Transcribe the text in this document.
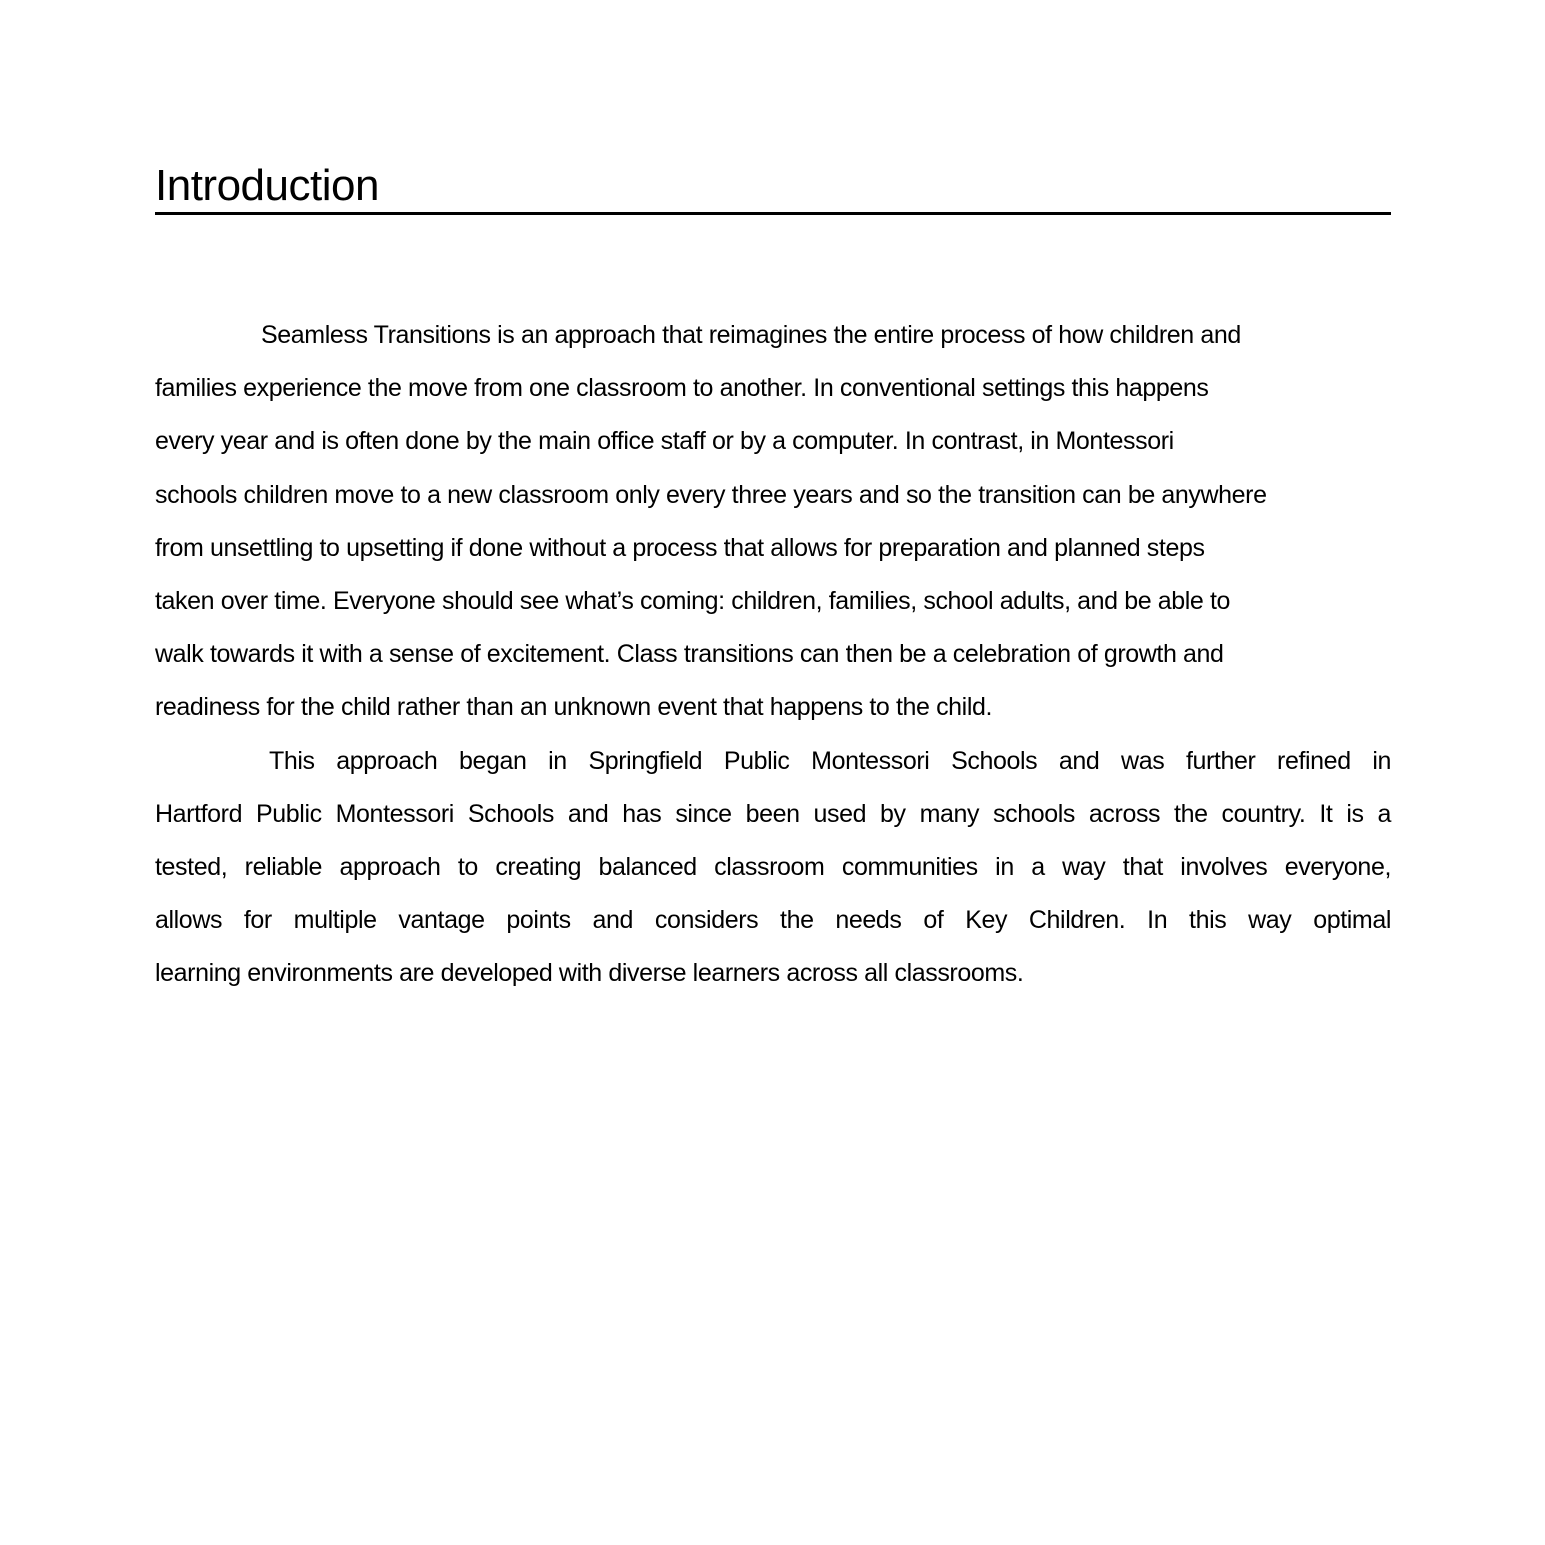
Introduction
Seamless Transitions is an approach that reimagines the entire process of how children and
families experience the move from one classroom to another. In conventional settings this happens
every year and is often done by the main office staff or by a computer. In contrast, in Montessori
schools children move to a new classroom only every three years and so the transition can be anywhere
from unsettling to upsetting if done without a process that allows for preparation and planned steps
taken over time. Everyone should see what’s coming: children, families, school adults, and be able to
walk towards it with a sense of excitement. Class transitions can then be a celebration of growth and
readiness for the child rather than an unknown event that happens to the child.
This approach began in Springfield Public Montessori Schools and was further refined in
Hartford Public Montessori Schools and has since been used by many schools across the country. It is a
tested, reliable approach to creating balanced classroom communities in a way that involves everyone,
allows for multiple vantage points and considers the needs of Key Children. In this way optimal
learning environments are developed with diverse learners across all classrooms.
